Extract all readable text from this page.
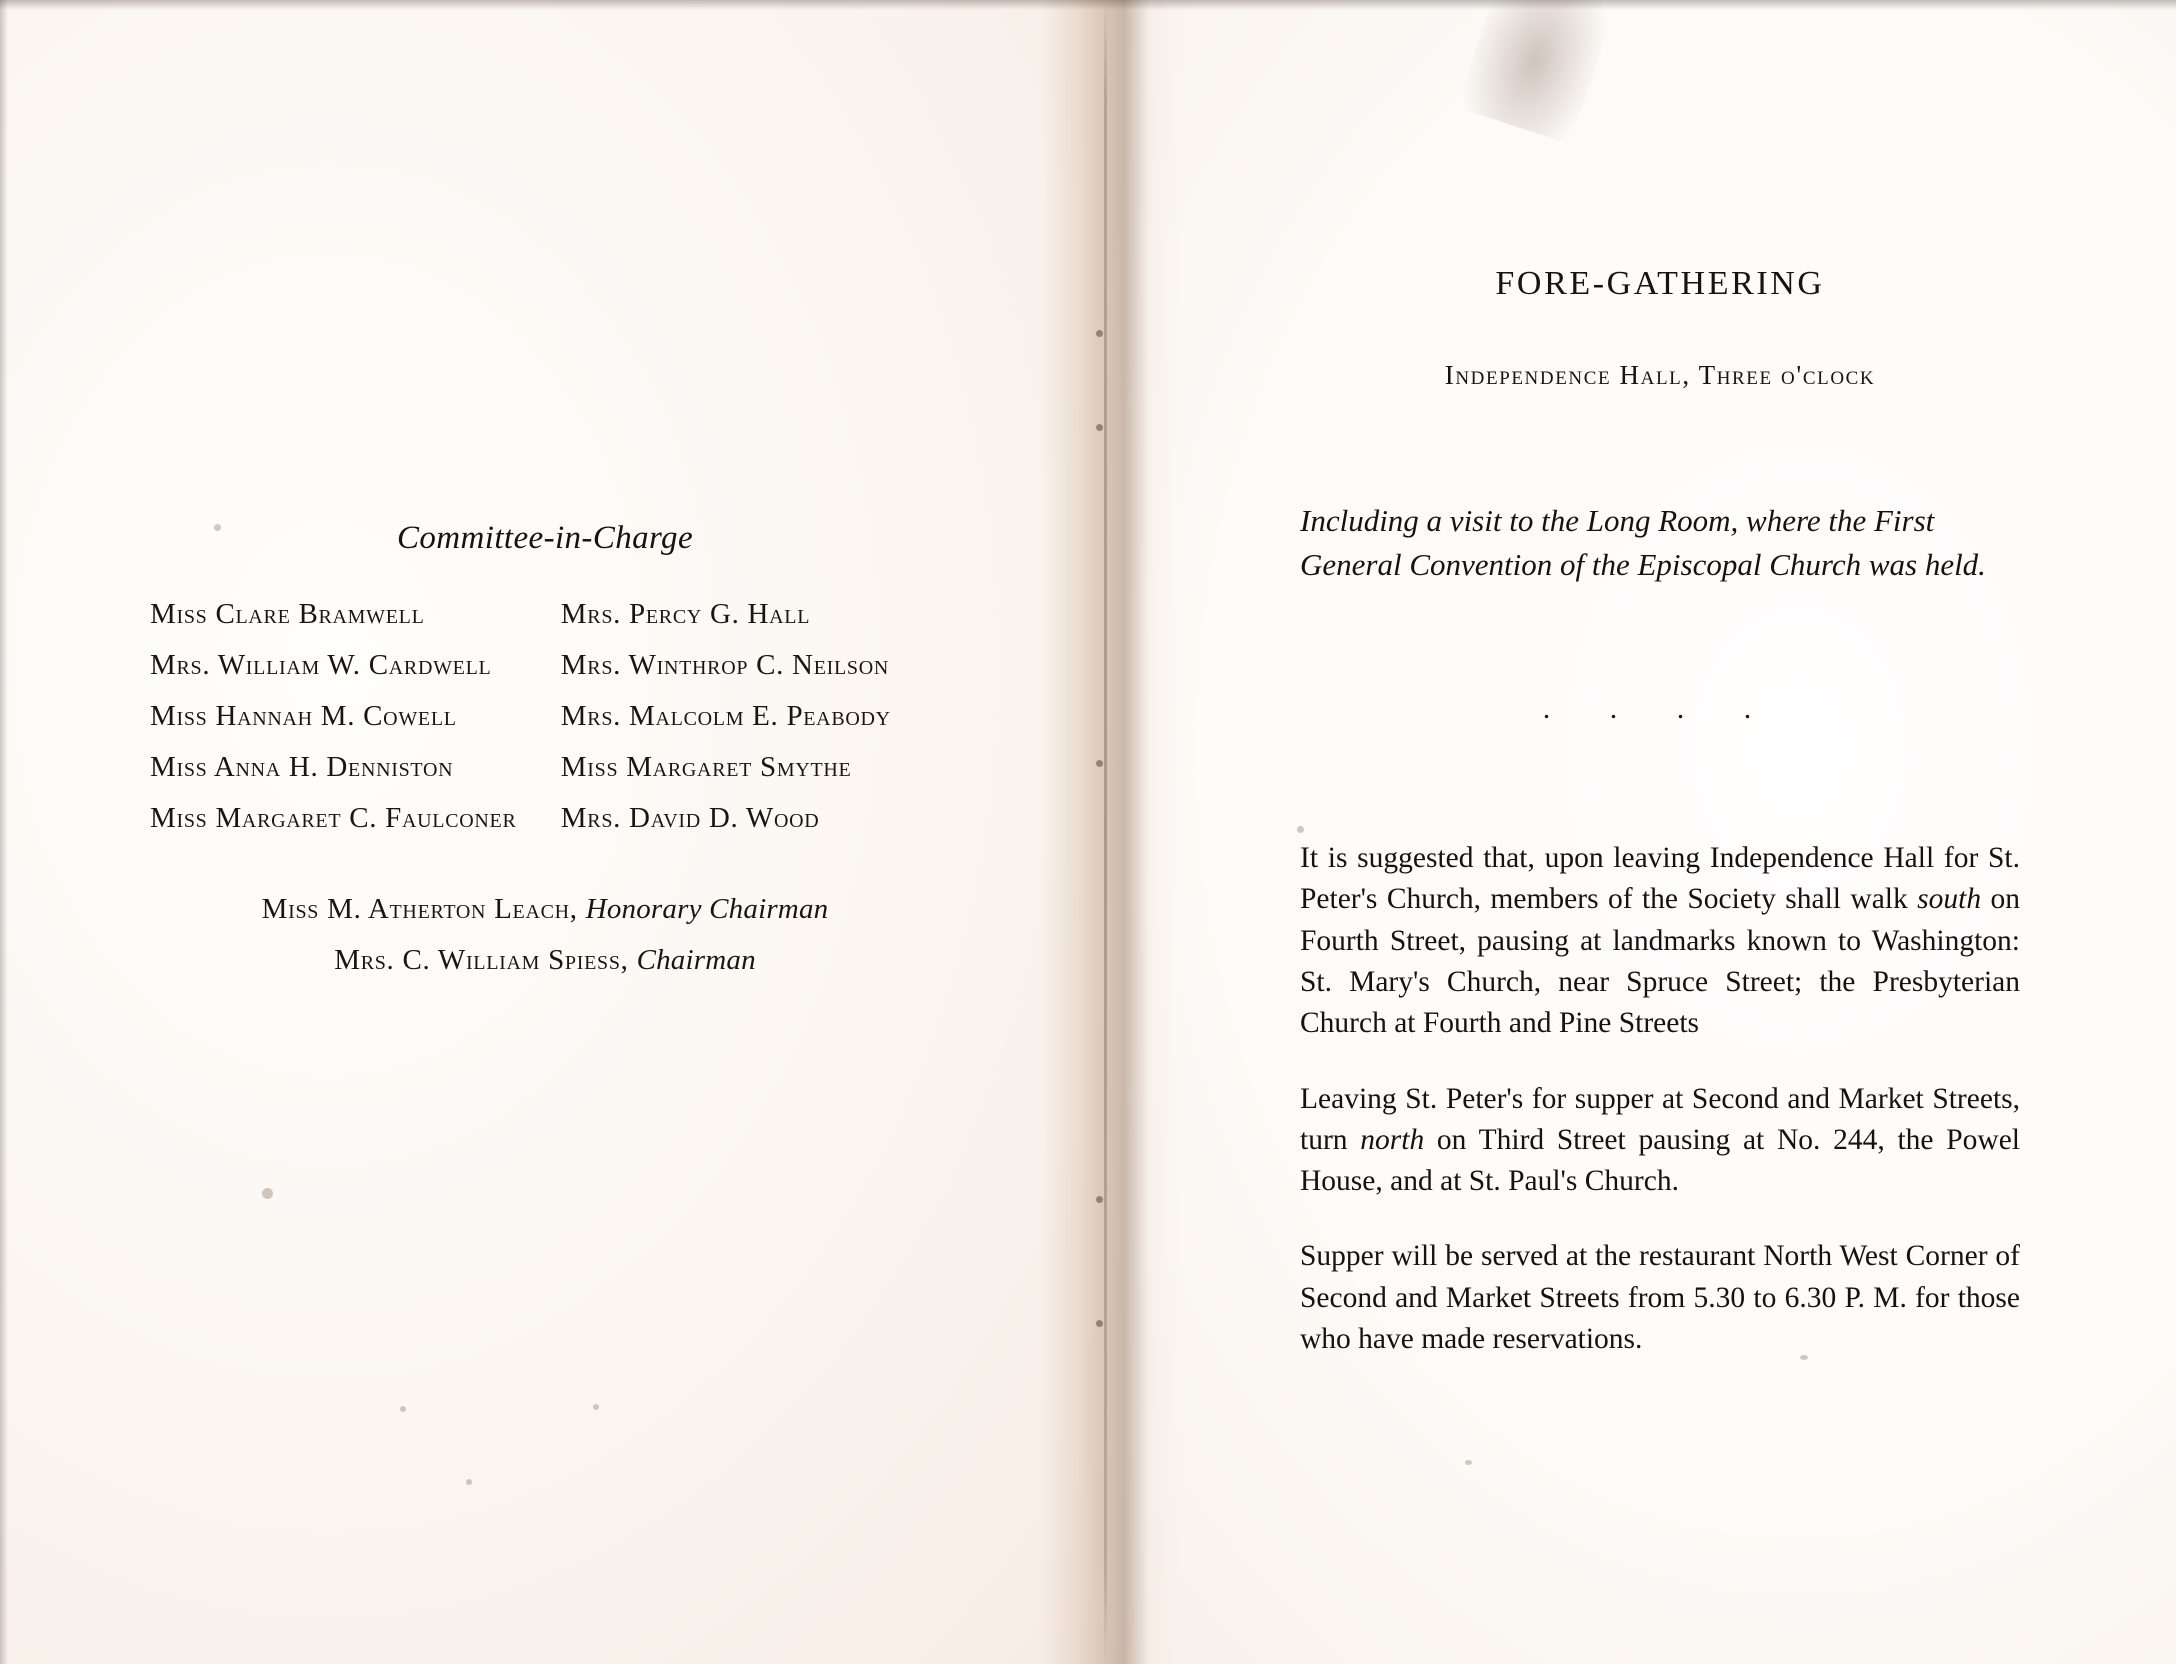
Committee-in-Charge
Miss Clare Bramwell	Mrs. Percy G. Hall
Mrs. William W. Cardwell	Mrs. Winthrop C. Neilson
Miss Hannah M. Cowell	Mrs. Malcolm E. Peabody
Miss Anna H. Denniston	Miss Margaret Smythe
Miss Margaret C. Faulconer	Mrs. David D. Wood
Miss M. Atherton Leach, Honorary Chairman
Mrs. C. William Spiess, Chairman
FORE-GATHERING
Independence Hall, Three o'clock
Including a visit to the Long Room, where the First General Convention of the Episcopal Church was held.
. . . .

It is suggested that, upon leaving Independence Hall for St. Peter's Church, members of the Society shall walk south on Fourth Street, pausing at landmarks known to Washington: St. Mary's Church, near Spruce Street; the Presbyterian Church at Fourth and Pine Streets

Leaving St. Peter's for supper at Second and Market Streets, turn north on Third Street pausing at No. 244, the Powel House, and at St. Paul's Church.

Supper will be served at the restaurant North West Corner of Second and Market Streets from 5.30 to 6.30 P. M. for those who have made reservations.
